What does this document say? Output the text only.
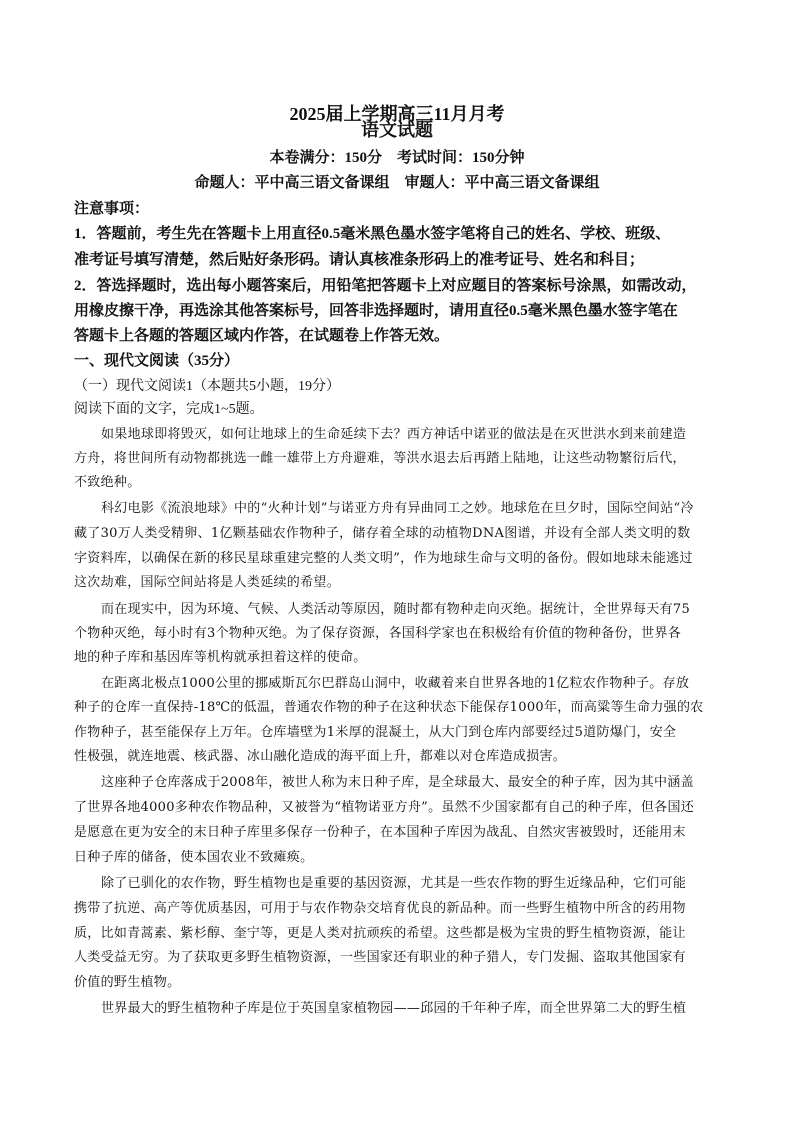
2025届上学期高三11月月考
语文试题
本卷满分：150分　考试时间：150分钟
命题人：平中高三语文备课组　审题人：平中高三语文备课组
注意事项：
1．答题前，考生先在答题卡上用直径0.5毫米黑色墨水签字笔将自己的姓名、学校、班级、
准考证号填写清楚，然后贴好条形码。请认真核准条形码上的准考证号、姓名和科目；
2．答选择题时，选出每小题答案后，用铅笔把答题卡上对应题目的答案标号涂黑，如需改动，
用橡皮擦干净，再选涂其他答案标号，回答非选择题时，请用直径0.5毫米黑色墨水签字笔在
答题卡上各题的答题区域内作答，在试题卷上作答无效。
一、现代文阅读（35分）
（一）现代文阅读1（本题共5小题，19分）
阅读下面的文字，完成1~5题。
如果地球即将毁灭，如何让地球上的生命延续下去？西方神话中诺亚的做法是在灭世洪水到来前建造
方舟，将世间所有动物都挑选一雌一雄带上方舟避难，等洪水退去后再踏上陆地，让这些动物繁衍后代，
不致绝种。
科幻电影《流浪地球》中的“火种计划”与诺亚方舟有异曲同工之妙。地球危在旦夕时，国际空间站“冷
藏了30万人类受精卵、1亿颗基础农作物种子，储存着全球的动植物DNA图谱，并设有全部人类文明的数
字资料库，以确保在新的移民星球重建完整的人类文明”，作为地球生命与文明的备份。假如地球未能逃过
这次劫难，国际空间站将是人类延续的希望。
而在现实中，因为环境、气候、人类活动等原因，随时都有物种走向灭绝。据统计，全世界每天有75
个物种灭绝，每小时有3个物种灭绝。为了保存资源，各国科学家也在积极给有价值的物种备份，世界各
地的种子库和基因库等机构就承担着这样的使命。
在距离北极点1000公里的挪威斯瓦尔巴群岛山洞中，收藏着来自世界各地的1亿粒农作物种子。存放
种子的仓库一直保持-18℃的低温，普通农作物的种子在这种状态下能保存1000年，而高粱等生命力强的农
作物种子，甚至能保存上万年。仓库墙壁为1米厚的混凝土，从大门到仓库内部要经过5道防爆门，安全
性极强，就连地震、核武器、冰山融化造成的海平面上升，都难以对仓库造成损害。
这座种子仓库落成于2008年，被世人称为末日种子库，是全球最大、最安全的种子库，因为其中涵盖
了世界各地4000多种农作物品种，又被誉为“植物诺亚方舟”。虽然不少国家都有自己的种子库，但各国还
是愿意在更为安全的末日种子库里多保存一份种子，在本国种子库因为战乱、自然灾害被毁时，还能用末
日种子库的储备，使本国农业不致瘫痪。
除了已驯化的农作物，野生植物也是重要的基因资源，尤其是一些农作物的野生近缘品种，它们可能
携带了抗逆、高产等优质基因，可用于与农作物杂交培育优良的新品种。而一些野生植物中所含的药用物
质，比如青蒿素、紫杉醇、奎宁等，更是人类对抗顽疾的希望。这些都是极为宝贵的野生植物资源，能让
人类受益无穷。为了获取更多野生植物资源，一些国家还有职业的种子猎人，专门发掘、盗取其他国家有
价值的野生植物。
世界最大的野生植物种子库是位于英国皇家植物园——邱园的千年种子库，而全世界第二大的野生植
